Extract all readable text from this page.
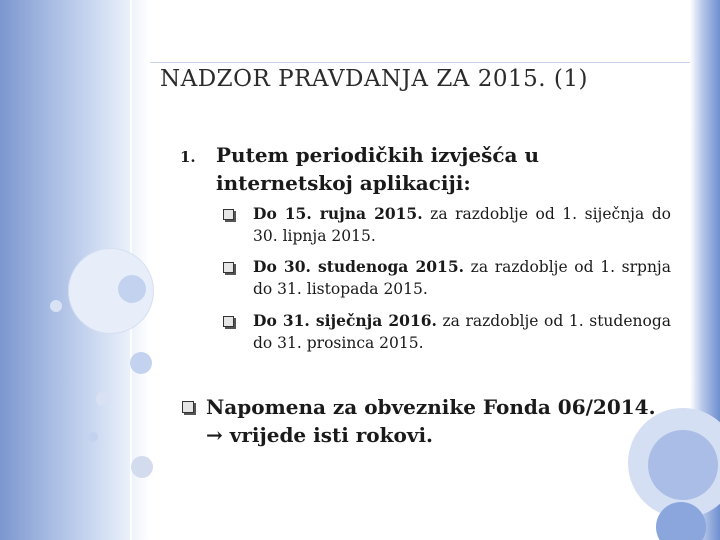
NADZOR PRAVDANJA ZA 2015. (1)
1. Putem periodičkih izvješća u internetskoj aplikaciji:
Do 15. rujna 2015. za razdoblje od 1. siječnja do 30. lipnja 2015.
Do 30. studenoga 2015. za razdoblje od 1. srpnja do 31. listopada 2015.
Do 31. siječnja 2016. za razdoblje od 1. studenoga do 31. prosinca 2015.
Napomena za obveznike Fonda 06/2014. → vrijede isti rokovi.
